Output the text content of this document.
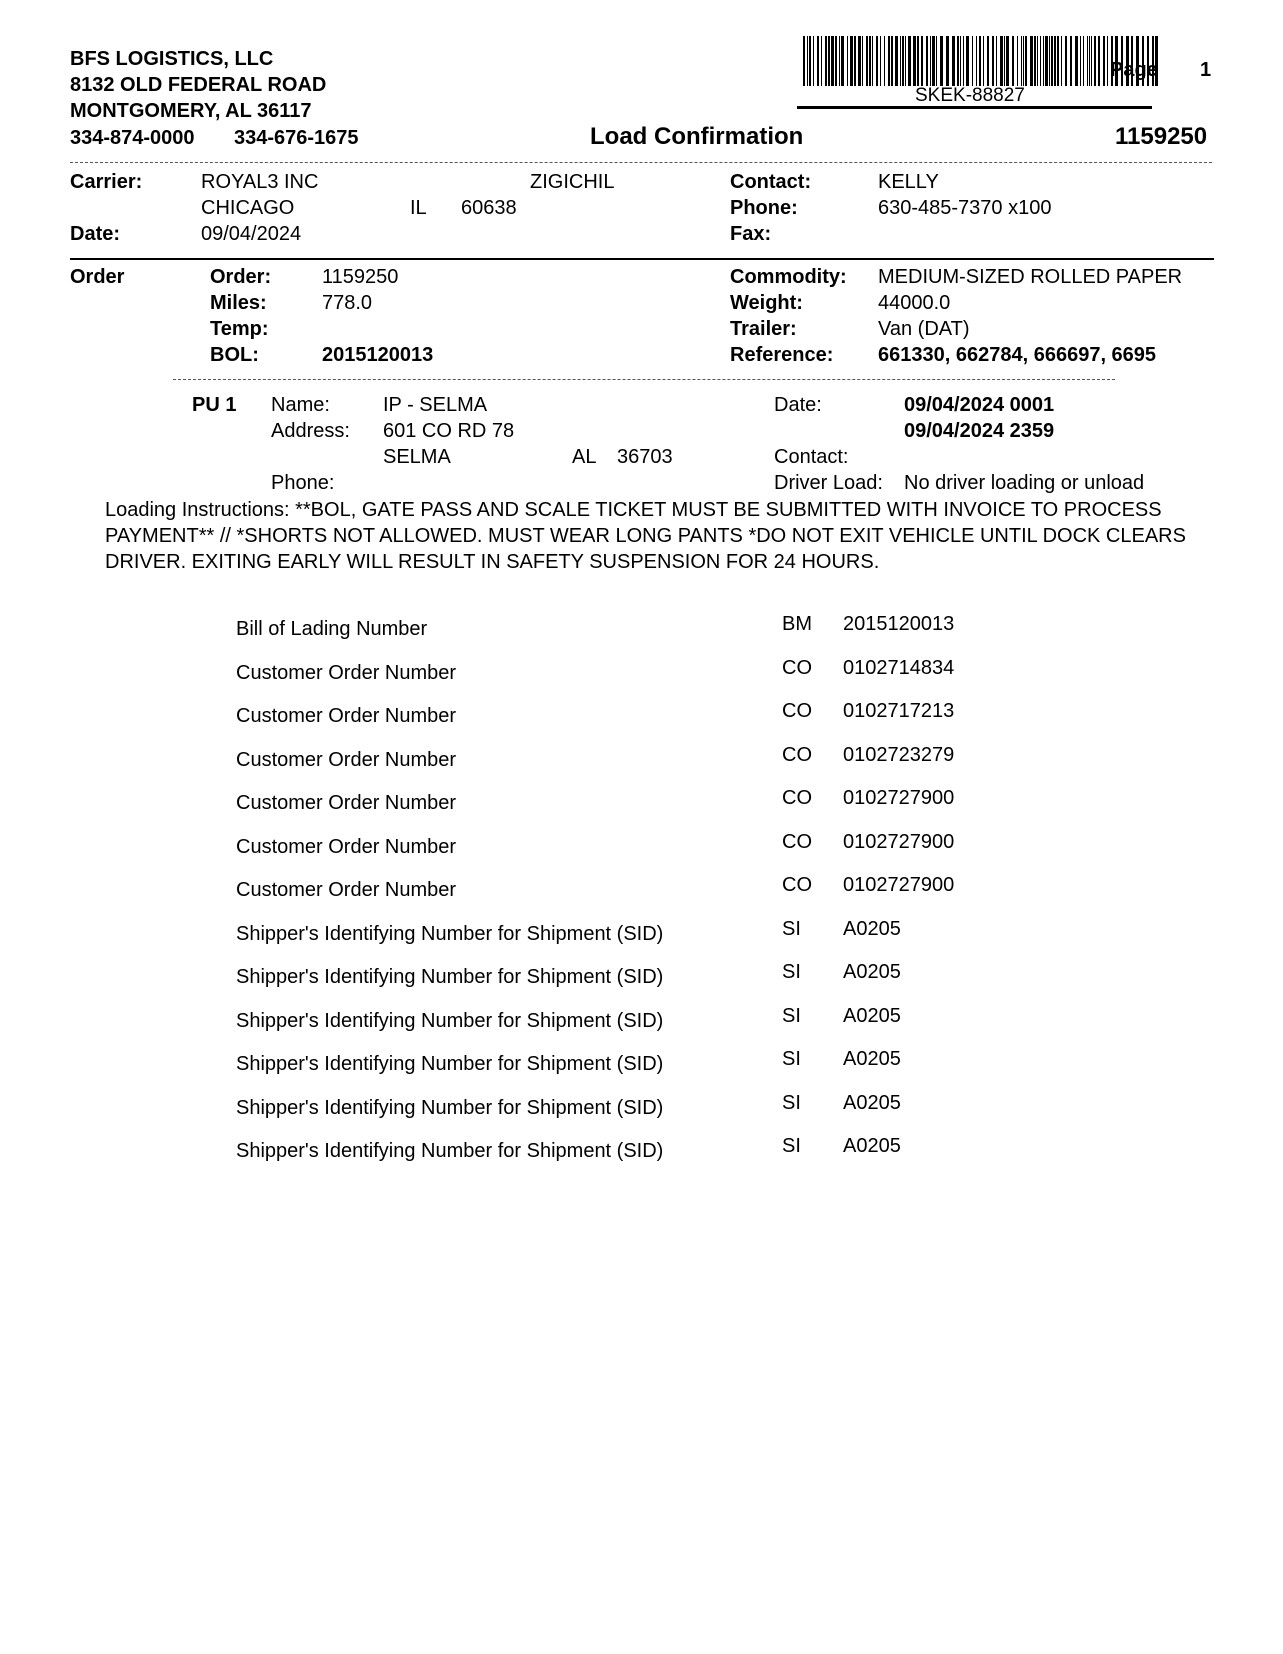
BFS LOGISTICS, LLC
8132 OLD FEDERAL ROAD
MONTGOMERY, AL 36117
334-874-0000 334-676-1675
SKEK-88827
Page 1
Load Confirmation	1159250
Carrier:	ROYAL3 INC	ZIGICHIL
CHICAGO	IL 60638
Date:	09/04/2024
Contact:	KELLY
Phone:	630-485-7370 x100
Fax:
Order	Order:	1159250
Miles:	778.0
Temp:
BOL:	2015120013
Commodity: MEDIUM-SIZED ROLLED PAPER
Weight:	44000.0
Trailer:	Van (DAT)
Reference: 661330, 662784, 666697, 6695
PU 1 Name:	IP - SELMA
Address: 601 CO RD 78
SELMA	AL 36703
Phone:
Date:	09/04/2024 0001
09/04/2024 2359
Contact:
Driver Load: No driver loading or unload
Loading Instructions: **BOL, GATE PASS AND SCALE TICKET MUST BE SUBMITTED WITH INVOICE TO PROCESS PAYMENT** // *SHORTS NOT ALLOWED. MUST WEAR LONG PANTS *DO NOT EXIT VEHICLE UNTIL DOCK CLEARS DRIVER. EXITING EARLY WILL RESULT IN SAFETY SUSPENSION FOR 24 HOURS.
Bill of Lading Number	BM 2015120013
Customer Order Number	CO 0102714834
Customer Order Number	CO 0102717213
Customer Order Number	CO 0102723279
Customer Order Number	CO 0102727900
Customer Order Number	CO 0102727900
Customer Order Number	CO 0102727900
Shipper's Identifying Number for Shipment (SID)	SI A0205
Shipper's Identifying Number for Shipment (SID)	SI A0205
Shipper's Identifying Number for Shipment (SID)	SI A0205
Shipper's Identifying Number for Shipment (SID)	SI A0205
Shipper's Identifying Number for Shipment (SID)	SI A0205
Shipper's Identifying Number for Shipment (SID)	SI A0205
